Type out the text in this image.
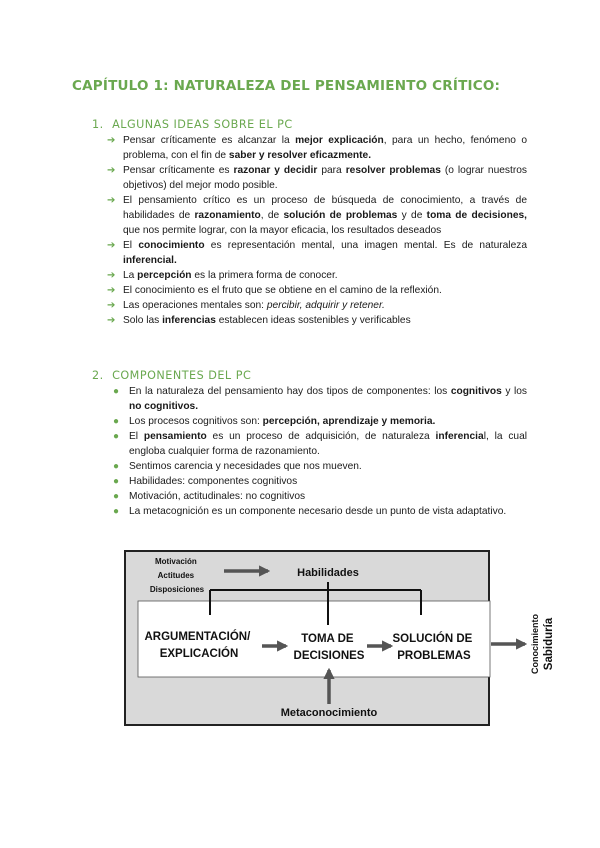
CAPÍTULO 1: NATURALEZA DEL PENSAMIENTO CRÍTICO:
1. ALGUNAS IDEAS SOBRE EL PC
➔ Pensar críticamente es alcanzar la mejor explicación, para un hecho, fenómeno o problema, con el fin de saber y resolver eficazmente.
➔ Pensar críticamente es razonar y decidir para resolver problemas (o lograr nuestros objetivos) del mejor modo posible.
➔ El pensamiento crítico es un proceso de búsqueda de conocimiento, a través de habilidades de razonamiento, de solución de problemas y de toma de decisiones, que nos permite lograr, con la mayor eficacia, los resultados deseados
➔ El conocimiento es representación mental, una imagen mental. Es de naturaleza inferencial.
➔ La percepción es la primera forma de conocer.
➔ El conocimiento es el fruto que se obtiene en el camino de la reflexión.
➔ Las operaciones mentales son: percibir, adquirir y retener.
➔ Solo las inferencias establecen ideas sostenibles y verificables
2. COMPONENTES DEL PC
● En la naturaleza del pensamiento hay dos tipos de componentes: los cognitivos y los no cognitivos.
● Los procesos cognitivos son: percepción, aprendizaje y memoria.
● El pensamiento es un proceso de adquisición, de naturaleza inferencial, la cual engloba cualquier forma de razonamiento.
● Sentimos carencia y necesidades que nos mueven.
● Habilidades: componentes cognitivos
● Motivación, actitudinales: no cognitivos
● La metacognición es un componente necesario desde un punto de vista adaptativo.
Motivación Actitudes Disposiciones
Habilidades
ARGUMENTACIÓN/ EXPLICACIÓN
TOMA DE DECISIONES
SOLUCIÓN DE PROBLEMAS
Metaconocimiento
Conocimiento Sabiduría
